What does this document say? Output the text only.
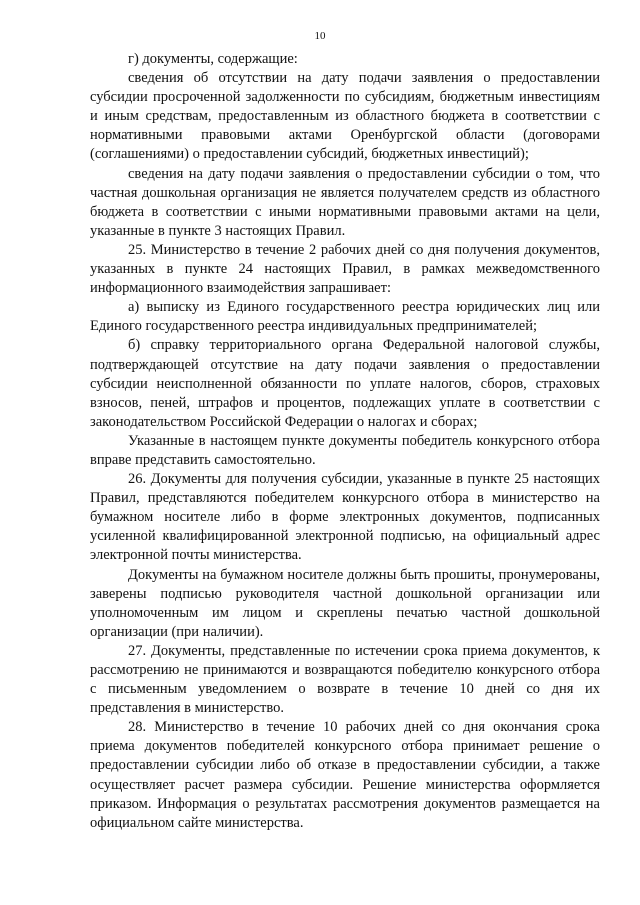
10

г) документы, содержащие:

сведения об отсутствии на дату подачи заявления о предоставлении субсидии просроченной задолженности по субсидиям, бюджетным инвестициям и иным средствам, предоставленным из областного бюджета в соответствии с нормативными правовыми актами Оренбургской области (договорами (соглашениями) о предоставлении субсидий, бюджетных инвестиций);

сведения на дату подачи заявления о предоставлении субсидии о том, что частная дошкольная организация не является получателем средств из областного бюджета в соответствии с иными нормативными правовыми актами на цели, указанные в пункте 3 настоящих Правил.

25. Министерство в течение 2 рабочих дней со дня получения документов, указанных в пункте 24 настоящих Правил, в рамках межведомственного информационного взаимодействия запрашивает:

а) выписку из Единого государственного реестра юридических лиц или Единого государственного реестра индивидуальных предпринимателей;

б) справку территориального органа Федеральной налоговой службы, подтверждающей отсутствие на дату подачи заявления о предоставлении субсидии неисполненной обязанности по уплате налогов, сборов, страховых взносов, пеней, штрафов и процентов, подлежащих уплате в соответствии с законодательством Российской Федерации о налогах и сборах;

Указанные в настоящем пункте документы победитель конкурсного отбора вправе представить самостоятельно.

26. Документы для получения субсидии, указанные в пункте 25 настоящих Правил, представляются победителем конкурсного отбора в министерство на бумажном носителе либо в форме электронных документов, подписанных усиленной квалифицированной электронной подписью, на официальный адрес электронной почты министерства.

Документы на бумажном носителе должны быть прошиты, пронумерованы, заверены подписью руководителя частной дошкольной организации или уполномоченным им лицом и скреплены печатью частной дошкольной организации (при наличии).

27. Документы, представленные по истечении срока приема документов, к рассмотрению не принимаются и возвращаются победителю конкурсного отбора с письменным уведомлением о возврате в течение 10 дней со дня их представления в министерство.

28. Министерство в течение 10 рабочих дней со дня окончания срока приема документов победителей конкурсного отбора принимает решение о предоставлении субсидии либо об отказе в предоставлении субсидии, а также осуществляет расчет размера субсидии. Решение министерства оформляется приказом. Информация о результатах рассмотрения документов размещается на официальном сайте министерства.
